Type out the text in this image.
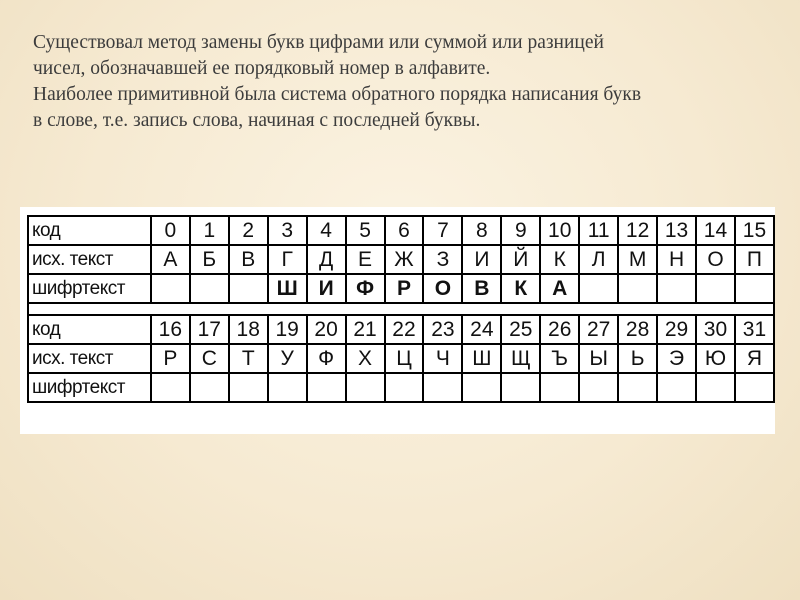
Существовал метод замены букв цифрами или суммой или разницей

чисел, обозначавшей ее порядковый номер в алфавите.

Наиболее примитивной была система обратного порядка написания букв

в слове, т.е. запись слова, начиная с последней буквы.

код	0	1	2	3	4	5	6	7	8	9	10	11	12	13	14	15
исх. текст	А	Б	В	Г	Д	Е	Ж	З	И	Й	К	Л	М	Н	О	П
шифртекст				Ш	И	Ф	Р	О	В	К	А					

код	16	17	18	19	20	21	22	23	24	25	26	27	28	29	30	31
исх. текст	Р	С	Т	У	Ф	Х	Ц	Ч	Ш	Щ	Ъ	Ы	Ь	Э	Ю	Я
шифртекст																
